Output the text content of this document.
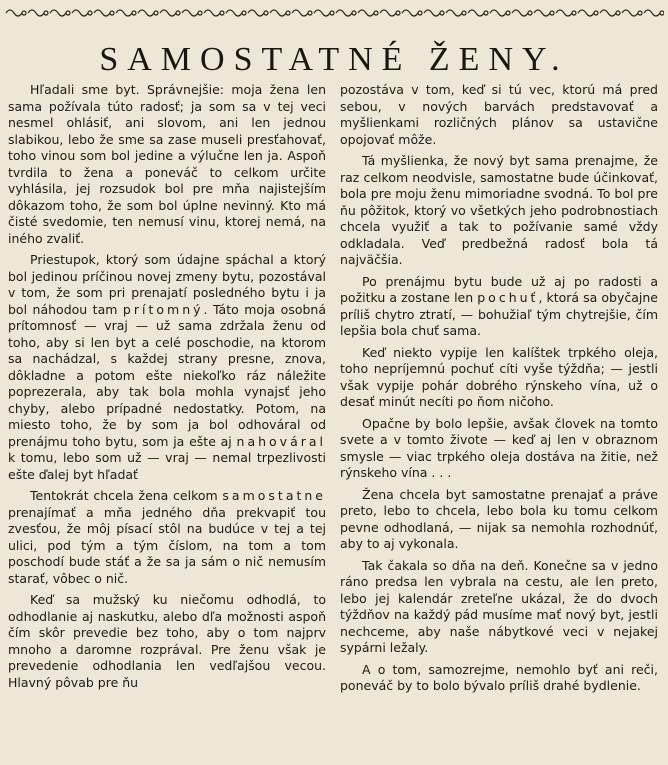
SAMOSTATNÉ ŽENY.

Hľadali sme byt. Správnejšie: moja žena len sama požívala túto radosť; ja som sa v tej veci nesmel ohlásiť, ani slovom, ani len jednou slabikou, lebo že sme sa zase museli presťahovať, toho vinou som bol jedine a výlučne len ja. Aspoň tvrdila to žena a poneváč to celkom určite vyhlásila, jej rozsudok bol pre mňa najistejším dôkazom toho, že som bol úplne nevinný. Kto má čisté svedomie, ten nemusí vinu, ktorej nemá, na iného zvaliť.

Priestupok, ktorý som údajne spáchal a ktorý bol jedinou príčinou novej zmeny bytu, pozostával v tom, že som pri prenajatí posledného bytu i ja bol náhodou tam prítomný. Táto moja osobná prítomnosť — vraj — už sama zdržala ženu od toho, aby si len byt a celé poschodie, na ktorom sa nachádzal, s každej strany presne, znova, dôkladne a potom ešte niekoľko ráz náležite poprezerala, aby tak bola mohla vynajsť jeho chyby, alebo prípadné nedostatky. Potom, na miesto toho, že by som ja bol odhováral od prenájmu toho bytu, som ja ešte aj nahováral k tomu, lebo som už — vraj — nemal trpezlivosti ešte ďalej byt hľadať

Tentokrát chcela žena celkom samostatne prenajímať a mňa jedného dňa prekvapiť tou zvesťou, že môj písací stôl na budúce v tej a tej ulici, pod tým a tým číslom, na tom a tom poschodí bude stáť a že sa ja sám o nič nemusím starať, vôbec o nič.

Keď sa mužský ku niečomu odhodlá, to odhodlanie aj naskutku, alebo dľa možnosti aspoň čím skôr prevedie bez toho, aby o tom najprv mnoho a daromne rozprával. Pre ženu však je prevedenie odhodlania len vedľajšou vecou. Hlavný pôvab pre ňu

pozostáva v tom, keď si tú vec, ktorú má pred sebou, v nových barvách predstavovať a myšlienkami rozličných plánov sa ustavične opojovať môže.

Tá myšlienka, že nový byt sama prenajme, že raz celkom neodvisle, samostatne bude účinkovať, bola pre moju ženu mimoriadne svodná. To bol pre ňu pôžitok, ktorý vo všetkých jeho podrobnostiach chcela využiť a tak to požívanie samé vždy odkladala. Veď predbežná radosť bola tá najväčšia.

Po prenájmu bytu bude už aj po radosti a požitku a zostane len pochuť, ktorá sa obyčajne príliš chytro ztratí, — bohužiaľ tým chytrejšie, čím lepšia bola chuť sama.

Keď niekto vypije len kalíštek trpkého oleja, toho nepríjemnú pochuť cíti vyše týždňa; — jestli však vypije pohár dobrého rýnskeho vína, už o desať minút necíti po ňom ničoho.

Opačne by bolo lepšie, avšak človek na tomto svete a v tomto živote — keď aj len v obraznom smysle — viac trpkého oleja dostáva na žitie, než rýnskeho vína . . .

Žena chcela byt samostatne prenajať a práve preto, lebo to chcela, lebo bola ku tomu celkom pevne odhodlaná, — nijak sa nemohla rozhodnúť, aby to aj vykonala.

Tak čakala so dňa na deň. Konečne sa v jedno ráno predsa len vybrala na cestu, ale len preto, lebo jej kalendár zreteľne ukázal, že do dvoch týždňov na každý pád musíme mať nový byt, jestli nechceme, aby naše nábytkové veci v nejakej sypárni ležaly.

A o tom, samozrejme, nemohlo byť ani reči, poneváč by to bolo bývalo príliš drahé bydlenie.
